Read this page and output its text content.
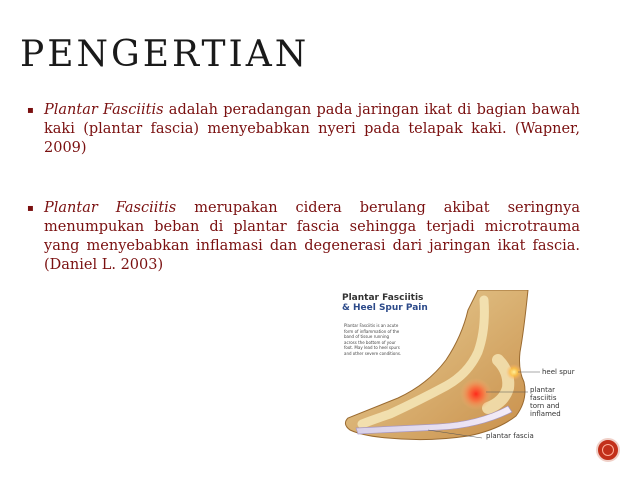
PENGERTIAN
▪ Plantar Fasciitis adalah peradangan pada jaringan ikat di bagian bawah kaki (plantar fascia) menyebabkan nyeri pada telapak kaki. (Wapner, 2009)
▪ Plantar Fasciitis merupakan cidera berulang akibat seringnya menumpukan beban di plantar fascia sehingga terjadi microtrauma yang menyebabkan inflamasi dan degenerasi dari jaringan ikat fascia. (Daniel L. 2003)
Plantar Fasciitis
& Heel Spur Pain
Plantar Fasciitis is an acute form of inflammation of the band of tissue running across the bottom of your foot. May lead to heel spurs and other severe conditions.
heel spur
plantar fasciitis
torn and inflamed
plantar fascia
